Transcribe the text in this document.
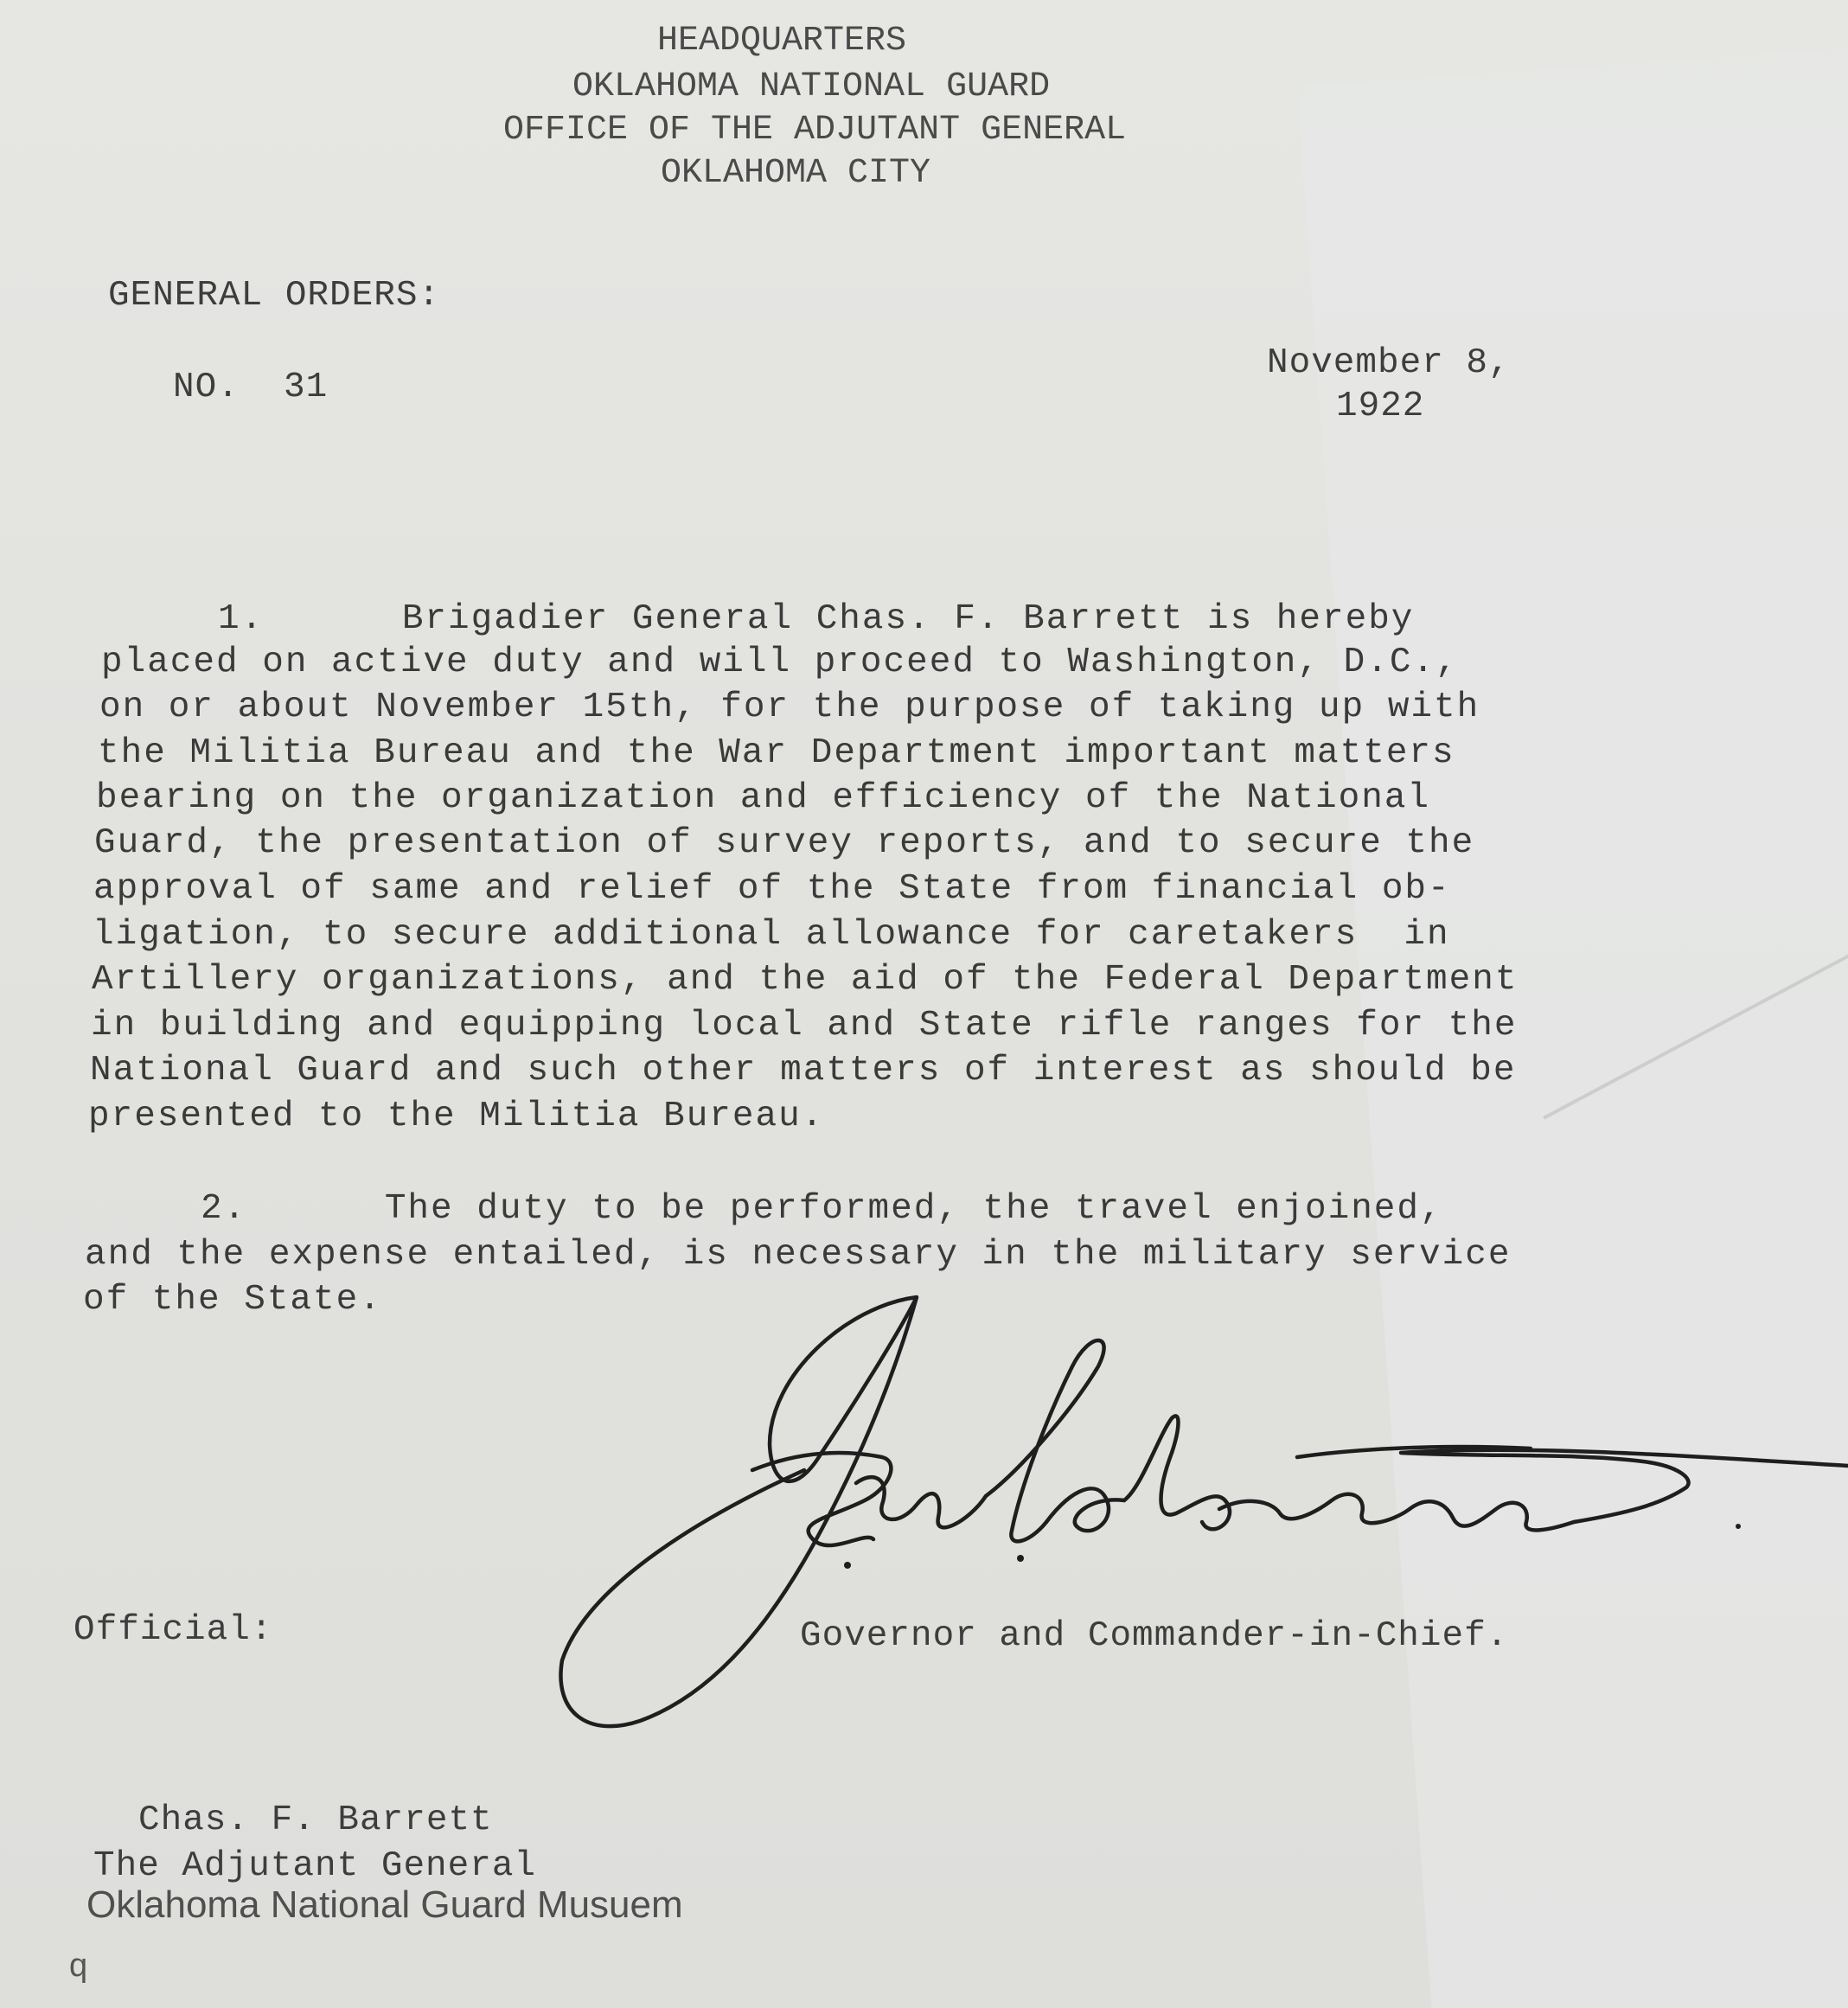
HEADQUARTERS
OKLAHOMA NATIONAL GUARD
OFFICE OF THE ADJUTANT GENERAL
OKLAHOMA CITY
GENERAL ORDERS:
NO.  31
November 8,
1922
1.      Brigadier General Chas. F. Barrett is hereby
placed on active duty and will proceed to Washington, D.C.,
on or about November 15th, for the purpose of taking up with
the Militia Bureau and the War Department important matters
bearing on the organization and efficiency of the National
Guard, the presentation of survey reports, and to secure the
approval of same and relief of the State from financial ob-
ligation, to secure additional allowance for caretakers  in
Artillery organizations, and the aid of the Federal Department
in building and equipping local and State rifle ranges for the
National Guard and such other matters of interest as should be
presented to the Militia Bureau.
2.      The duty to be performed, the travel enjoined,
and the expense entailed, is necessary in the military service
of the State.
Governor and Commander-in-Chief.
Official:
Chas. F. Barrett
The Adjutant General
Oklahoma National Guard Musuem
q
